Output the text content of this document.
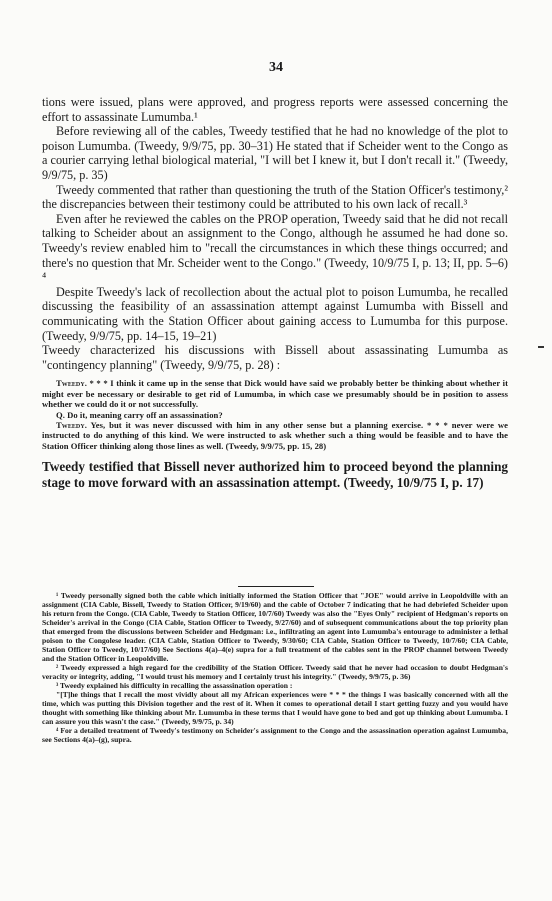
34

tions were issued, plans were approved, and progress reports were assessed concerning the effort to assassinate Lumumba.¹

Before reviewing all of the cables, Tweedy testified that he had no knowledge of the plot to poison Lumumba. (Tweedy, 9/9/75, pp. 30–31) He stated that if Scheider went to the Congo as a courier carrying lethal biological material, "I will bet I knew it, but I don't recall it." (Tweedy, 9/9/75, p. 35)

Tweedy commented that rather than questioning the truth of the Station Officer's testimony,² the discrepancies between their testimony could be attributed to his own lack of recall.³

Even after he reviewed the cables on the PROP operation, Tweedy said that he did not recall talking to Scheider about an assignment to the Congo, although he assumed he had done so. Tweedy's review enabled him to "recall the circumstances in which these things occurred; and there's no question that Mr. Scheider went to the Congo." (Tweedy, 10/9/75 I, p. 13; II, pp. 5–6) ⁴

Despite Tweedy's lack of recollection about the actual plot to poison Lumumba, he recalled discussing the feasibility of an assassination attempt against Lumumba with Bissell and communicating with the Station Officer about gaining access to Lumumba for this purpose. (Tweedy, 9/9/75, pp. 14–15, 19–21)

Tweedy characterized his discussions with Bissell about assassinating Lumumba as "contingency planning" (Tweedy, 9/9/75, p. 28) :

Tweedy. * * * I think it came up in the sense that Dick would have said we probably better be thinking about whether it might ever be necessary or desirable to get rid of Lumumba, in which case we presumably should be in position to assess whether we could do it or not successfully.

Q. Do it, meaning carry off an assassination?

Tweedy. Yes, but it was never discussed with him in any other sense but a planning exercise. * * * never were we instructed to do anything of this kind. We were instructed to ask whether such a thing would be feasible and to have the Station Officer thinking along those lines as well. (Tweedy, 9/9/75, pp. 15, 28)

Tweedy testified that Bissell never authorized him to proceed beyond the planning stage to move forward with an assassination attempt. (Tweedy, 10/9/75 I, p. 17)

¹ Tweedy personally signed both the cable which initially informed the Station Officer that "JOE" would arrive in Leopoldville with an assignment (CIA Cable, Bissell, Tweedy to Station Officer, 9/19/60) and the cable of October 7 indicating that he had debriefed Scheider upon his return from the Congo. (CIA Cable, Tweedy to Station Officer, 10/7/60) Tweedy was also the "Eyes Only" recipient of Hedgman's reports on Scheider's arrival in the Congo (CIA Cable, Station Officer to Tweedy, 9/27/60) and of subsequent communications about the top priority plan that emerged from the discussions between Scheider and Hedgman: i.e., infiltrating an agent into Lumumba's entourage to administer a lethal poison to the Congolese leader. (CIA Cable, Station Officer to Tweedy, 9/30/60; CIA Cable, Station Officer to Tweedy, 10/7/60; CIA Cable, Station Officer to Tweedy, 10/17/60) See Sections 4(a)–4(e) supra for a full treatment of the cables sent in the PROP channel between Tweedy and the Station Officer in Leopoldville.

² Tweedy expressed a high regard for the credibility of the Station Officer. Tweedy said that he never had occasion to doubt Hedgman's veracity or integrity, adding, "I would trust his memory and I certainly trust his integrity." (Tweedy, 9/9/75, p. 36)

³ Tweedy explained his difficulty in recalling the assassination operation :

"[T]he things that I recall the most vividly about all my African experiences were * * * the things I was basically concerned with all the time, which was putting this Division together and the rest of it. When it comes to operational detail I start getting fuzzy and you would have thought with something like thinking about Mr. Lumumba in these terms that I would have gone to bed and got up thinking about Lumumba. I can assure you this wasn't the case." (Tweedy, 9/9/75, p. 34)

⁴ For a detailed treatment of Tweedy's testimony on Scheider's assignment to the Congo and the assassination operation against Lumumba, see Sections 4(a)–(g), supra.
